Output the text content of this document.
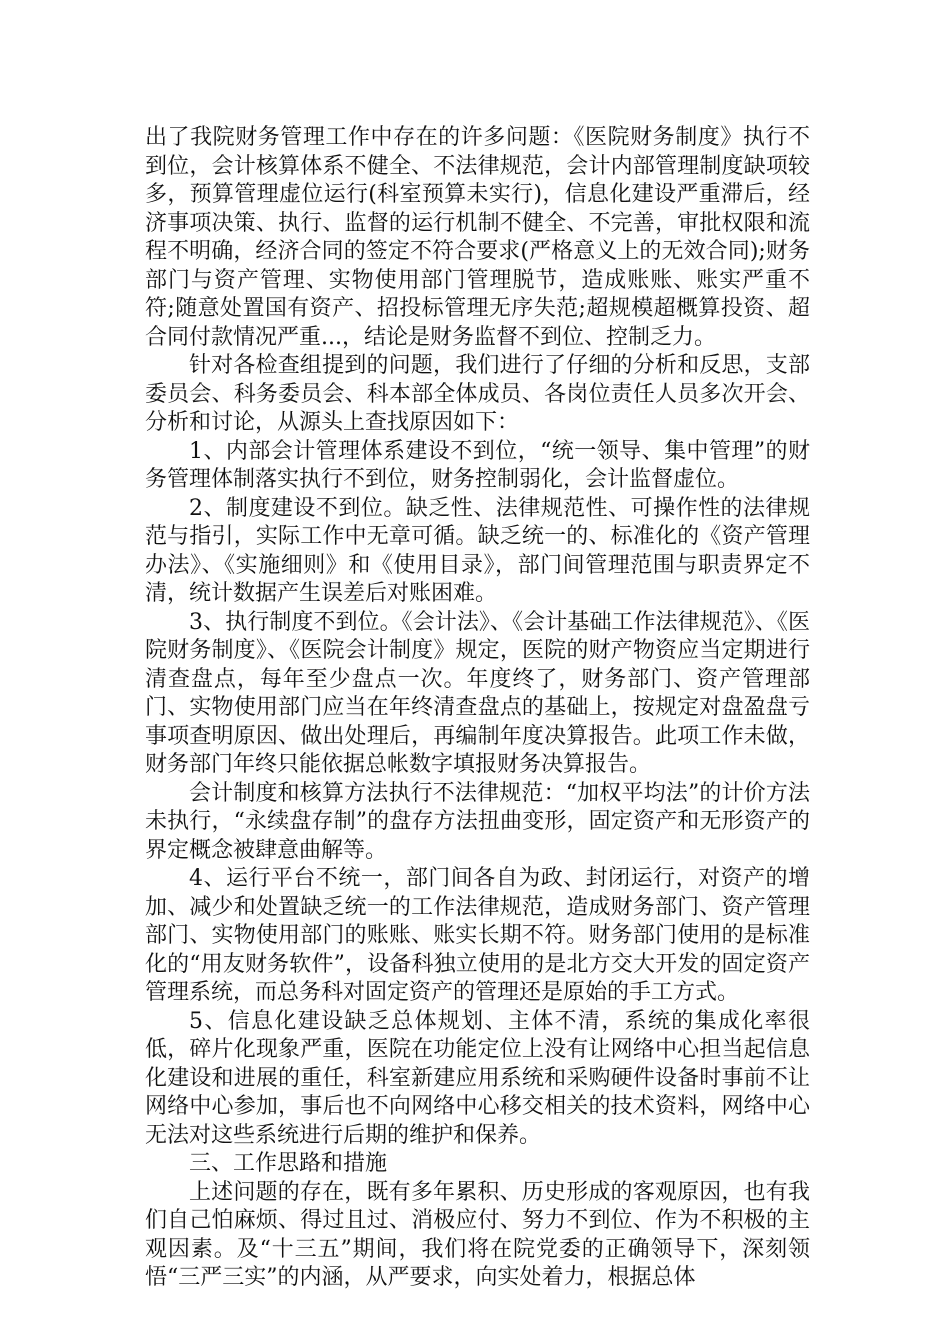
出了我院财务管理工作中存在的许多问题：《医院财务制度》执行不到位，会计核算体系不健全、不法律规范，会计内部管理制度缺项较多，预算管理虚位运行(科室预算未实行)，信息化建设严重滞后，经济事项决策、执行、监督的运行机制不健全、不完善，审批权限和流程不明确，经济合同的签定不符合要求(严格意义上的无效合同);财务部门与资产管理、实物使用部门管理脱节，造成账账、账实严重不符;随意处置国有资产、招投标管理无序失范;超规模超概算投资、超合同付款情况严重...，结论是财务监督不到位、控制乏力。

针对各检查组提到的问题，我们进行了仔细的分析和反思，支部委员会、科务委员会、科本部全体成员、各岗位责任人员多次开会、分析和讨论，从源头上查找原因如下：

1、内部会计管理体系建设不到位，“统一领导、集中管理”的财务管理体制落实执行不到位，财务控制弱化，会计监督虚位。

2、制度建设不到位。缺乏性、法律规范性、可操作性的法律规范与指引，实际工作中无章可循。缺乏统一的、标准化的《资产管理办法》、《实施细则》和《使用目录》，部门间管理范围与职责界定不清，统计数据产生误差后对账困难。

3、执行制度不到位。《会计法》、《会计基础工作法律规范》、《医院财务制度》、《医院会计制度》规定，医院的财产物资应当定期进行清查盘点，每年至少盘点一次。年度终了，财务部门、资产管理部门、实物使用部门应当在年终清查盘点的基础上，按规定对盘盈盘亏事项查明原因、做出处理后，再编制年度决算报告。此项工作未做，财务部门年终只能依据总帐数字填报财务决算报告。

会计制度和核算方法执行不法律规范：“加权平均法”的计价方法未执行，“永续盘存制”的盘存方法扭曲变形，固定资产和无形资产的界定概念被肆意曲解等。

4、运行平台不统一，部门间各自为政、封闭运行，对资产的增加、减少和处置缺乏统一的工作法律规范，造成财务部门、资产管理部门、实物使用部门的账账、账实长期不符。财务部门使用的是标准化的“用友财务软件”，设备科独立使用的是北方交大开发的固定资产管理系统，而总务科对固定资产的管理还是原始的手工方式。

5、信息化建设缺乏总体规划、主体不清，系统的集成化率很低，碎片化现象严重，医院在功能定位上没有让网络中心担当起信息化建设和进展的重任，科室新建应用系统和采购硬件设备时事前不让网络中心参加，事后也不向网络中心移交相关的技术资料，网络中心无法对这些系统进行后期的维护和保养。

三、工作思路和措施

上述问题的存在，既有多年累积、历史形成的客观原因，也有我们自己怕麻烦、得过且过、消极应付、努力不到位、作为不积极的主观因素。及“十三五”期间，我们将在院党委的正确领导下，深刻领悟“三严三实”的内涵，从严要求，向实处着力，根据总体
